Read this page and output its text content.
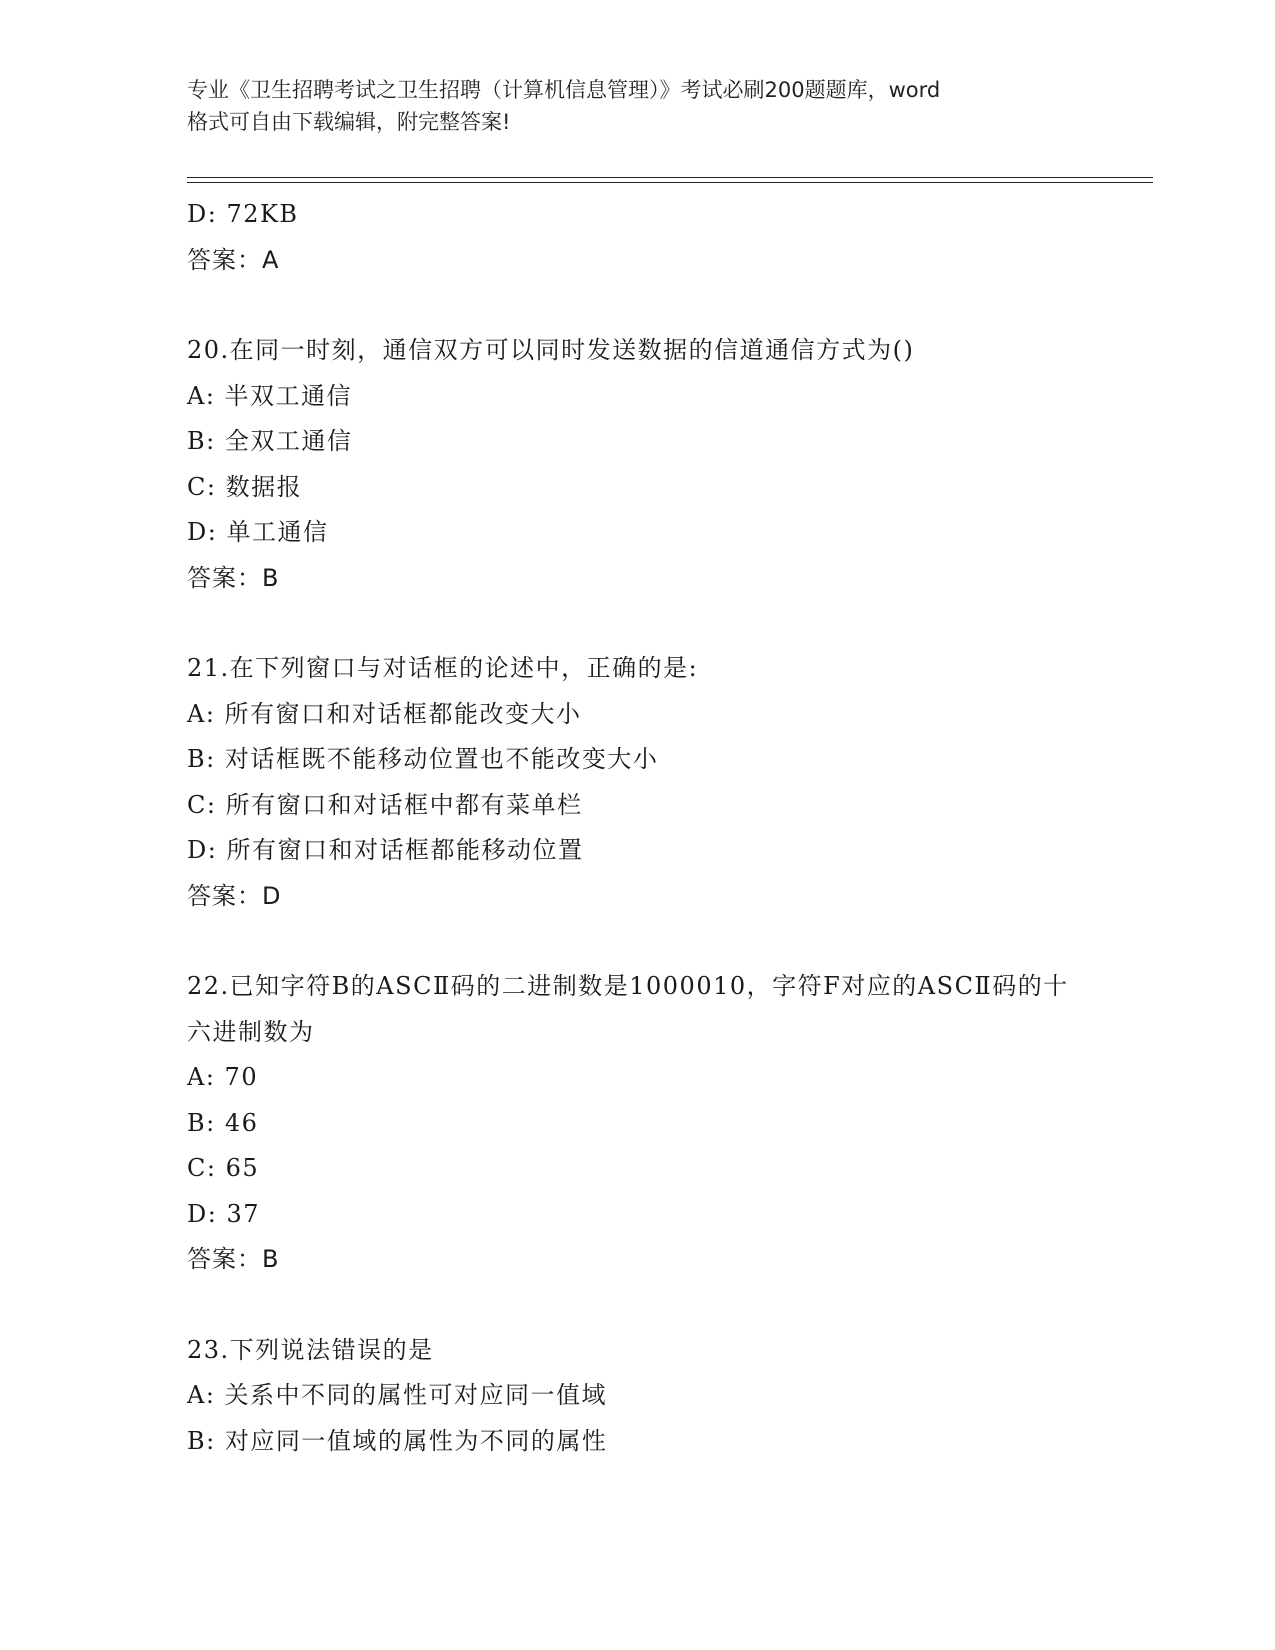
专业《卫生招聘考试之卫生招聘（计算机信息管理）》考试必刷200题题库，word
格式可自由下载编辑，附完整答案!
D: 72KB
答案：A
20.在同一时刻，通信双方可以同时发送数据的信道通信方式为()
A: 半双工通信
B: 全双工通信
C: 数据报
D: 单工通信
答案：B
21.在下列窗口与对话框的论述中，正确的是:
A: 所有窗口和对话框都能改变大小
B: 对话框既不能移动位置也不能改变大小
C: 所有窗口和对话框中都有菜单栏
D: 所有窗口和对话框都能移动位置
答案：D
22.已知字符B的ASCⅡ码的二进制数是1000010，字符F对应的ASCⅡ码的十六进制数为
A: 70
B: 46
C: 65
D: 37
答案：B
23.下列说法错误的是
A: 关系中不同的属性可对应同一值域
B: 对应同一值域的属性为不同的属性
